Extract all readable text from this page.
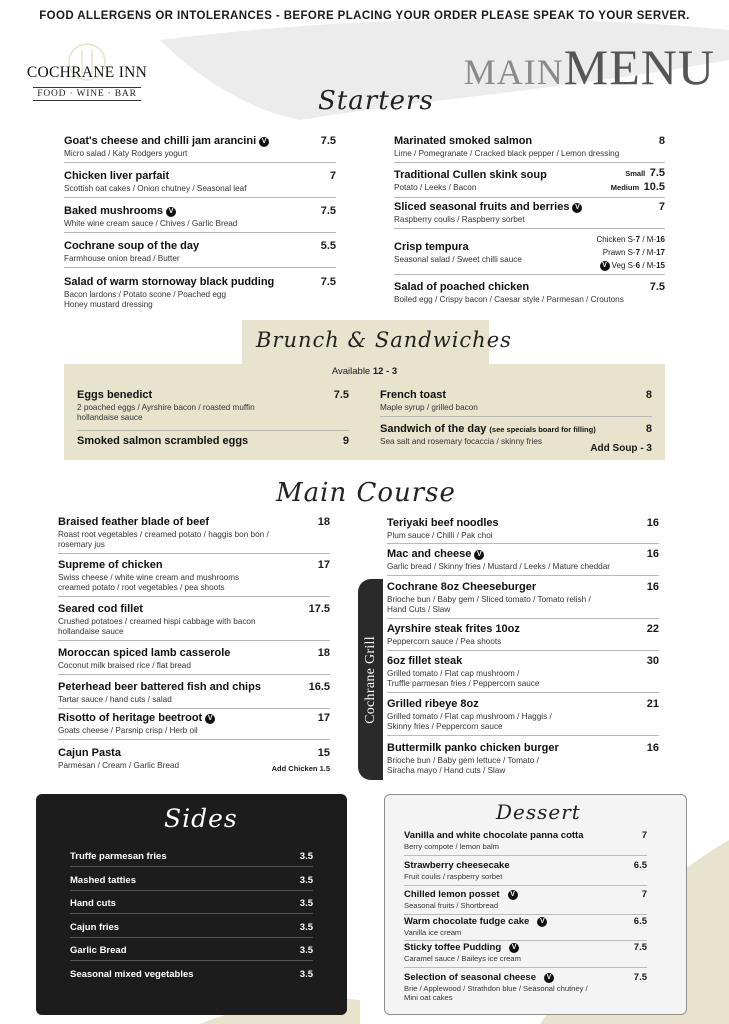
FOOD ALLERGENS OR INTOLERANCES - BEFORE PLACING YOUR ORDER PLEASE SPEAK TO YOUR SERVER.
COCHRANE INN
FOOD · WINE · BAR
MAINMENU
Starters
Goat's cheese and chilli jam arancini V	7.5
Micro salad / Katy Rodgers yogurt
Chicken liver parfait	7
Scottish oat cakes / Onion chutney / Seasonal leaf
Baked mushrooms V	7.5
White wine cream sauce / Chives / Garlic Bread
Cochrane soup of the day	5.5
Farmhouse onion bread / Butter
Salad of warm stornoway black pudding	7.5
Bacon lardons / Potato scone / Poached egg
Honey mustard dressing
Marinated smoked salmon	8
Lime / Pomegranate / Cracked black pepper / Lemon dressing
Traditional Cullen skink soup
Potato / Leeks / Bacon
Small 7.5
Medium 10.5
Sliced seasonal fruits and berries V	7
Raspberry coulis / Raspberry sorbet
Crisp tempura
Seasonal salad / Sweet chilli sauce
Chicken S-7 / M-16
Prawn S-7 / M-17
V Veg S-6 / M-15
Salad of poached chicken	7.5
Boiled egg / Crispy bacon / Caesar style / Parmesan / Croutons
Brunch & Sandwiches
Available 12 - 3
Eggs benedict	7.5
2 poached eggs / Ayrshire bacon / roasted muffin
hollandaise sauce
Smoked salmon scrambled eggs	9
French toast	8
Maple syrup / grilled bacon
Sandwich of the day (see specials board for filling)	8
Sea salt and rosemary focaccia / skinny fries
Add Soup - 3
Main Course
Braised feather blade of beef	18
Roast root vegetables / creamed potato / haggis bon bon /
rosemary jus
Supreme of chicken	17
Swiss cheese / white wine cream and mushrooms
creamed potato / root vegetables / pea shoots
Seared cod fillet	17.5
Crushed potatoes / creamed hispi cabbage with bacon
hollandaise sauce
Moroccan spiced lamb casserole	18
Coconut milk braised rice / flat bread
Peterhead beer battered fish and chips	16.5
Tartar sauce / hand cuts / salad
Risotto of heritage beetroot V	17
Goats cheese / Parsnip crisp / Herb oil
Cajun Pasta	15
Parmesan / Cream / Garlic Bread	Add Chicken 1.5
Cochrane Grill
Teriyaki beef noodles	16
Plum sauce / Chilli / Pak choi
Mac and cheese V	16
Garlic bread / Skinny fries / Mustard / Leeks / Mature cheddar
Cochrane 8oz Cheeseburger	16
Brioche bun / Baby gem / Sliced tomato / Tomato relish /
Hand Cuts / Slaw
Ayrshire steak frites 10oz	22
Peppercorn sauce / Pea shoots
6oz fillet steak	30
Grilled tomato / Flat cap mushroom /
Truffle parmesan fries / Peppercorn sauce
Grilled ribeye 8oz	21
Grilled tomato / Flat cap mushroom / Haggis /
Skinny fries / Peppercorn sauce
Buttermilk panko chicken burger	16
Brioche bun / Baby gem lettuce / Tomato /
Siracha mayo / Hand cuts / Slaw
Sides
Truffe parmesan fries	3.5
Mashed tatties	3.5
Hand cuts	3.5
Cajun fries	3.5
Garlic Bread	3.5
Seasonal mixed vegetables	3.5
Dessert
Vanilla and white chocolate panna cotta	7
Berry compote / lemon balm
Strawberry cheesecake	6.5
Fruit coulis / raspberry sorbet
Chilled lemon posset V	7
Seasonal fruits / Shortbread
Warm chocolate fudge cake V	6.5
Vanilla ice cream
Sticky toffee Pudding V	7.5
Caramel sauce / Baileys ice cream
Selection of seasonal cheese V	7.5
Brie / Applewood / Strathdon blue / Seasonal chutney /
Mini oat cakes
